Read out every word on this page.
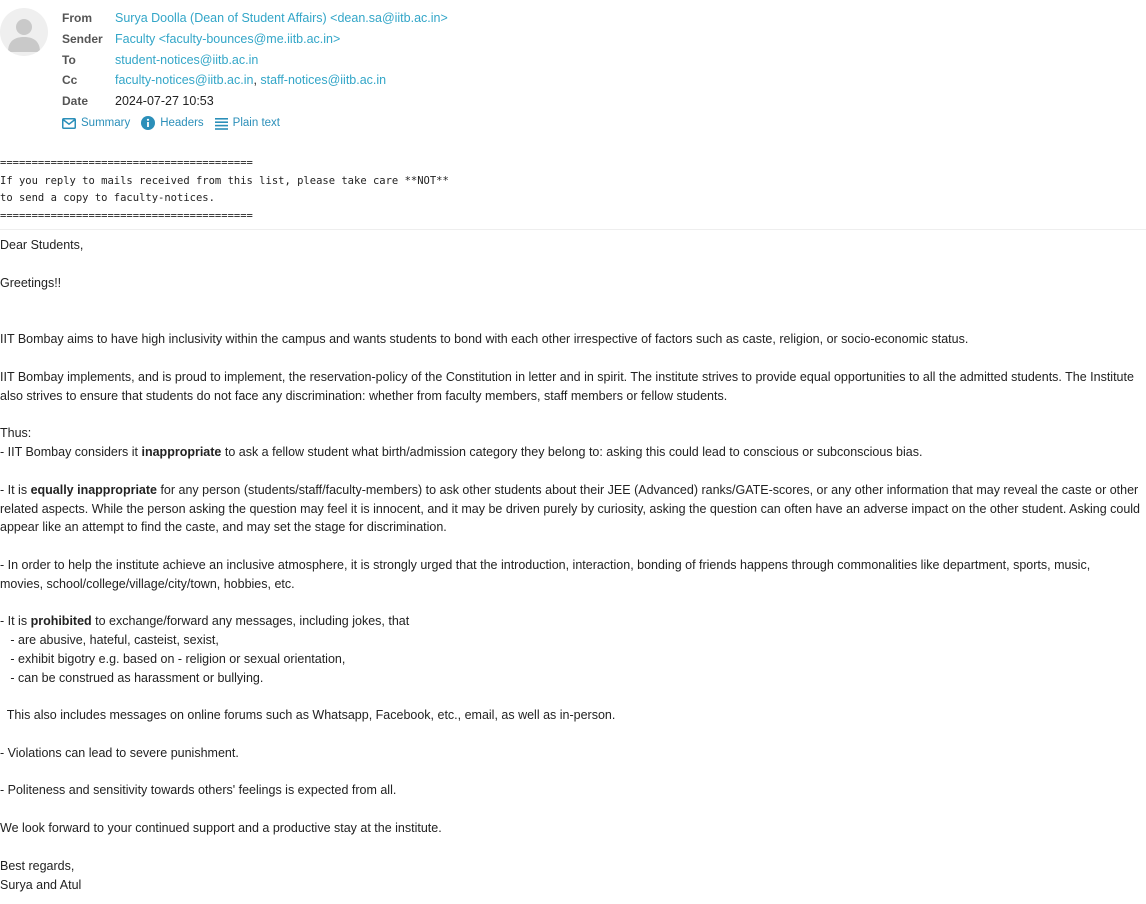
From	Surya Doolla (Dean of Student Affairs) <dean.sa@iitb.ac.in>
Sender Faculty <faculty-bounces@me.iitb.ac.in>
To	student-notices@iitb.ac.in
Cc	faculty-notices@iitb.ac.in , staff-notices@iitb.ac.in
Date	2024-07-27 10:53
Summary	Headers	Plain text
========================================
If you reply to mails received from this list, please take care **NOT**
to send a copy to faculty-notices.
========================================
Dear Students,
Greetings!!
IIT Bombay aims to have high inclusivity within the campus and wants students to bond with each other irrespective of factors such as caste, religion, or socio-economic status.
IIT Bombay implements, and is proud to implement, the reservation-policy of the Constitution in letter and in spirit. The institute strives to provide equal opportunities to all the admitted students. The Institute
also strives to ensure that students do not face any discrimination: whether from faculty members, staff members or fellow students.
Thus:
- IIT Bombay considers it inappropriate to ask a fellow student what birth/admission category they belong to: asking this could lead to conscious or subconscious bias.
- It is equally inappropriate for any person (students/staff/faculty-members) to ask other students about their JEE (Advanced) ranks/GATE-scores, or any other information that may reveal the caste or other
related aspects. While the person asking the question may feel it is innocent, and it may be driven purely by curiosity, asking the question can often have an adverse impact on the other student. Asking could
appear like an attempt to find the caste, and may set the stage for discrimination.
- In order to help the institute achieve an inclusive atmosphere, it is strongly urged that the introduction, interaction, bonding of friends happens through commonalities like department, sports, music,
movies, school/college/village/city/town, hobbies, etc.
- It is prohibited to exchange/forward any messages, including jokes, that
- are abusive, hateful, casteist, sexist,
- exhibit bigotry e.g. based on - religion or sexual orientation,
- can be construed as harassment or bullying.
This also includes messages on online forums such as Whatsapp, Facebook, etc., email, as well as in-person.
- Violations can lead to severe punishment.
- Politeness and sensitivity towards others' feelings is expected from all.
We look forward to your continued support and a productive stay at the institute.
Best regards,
Surya and Atul
